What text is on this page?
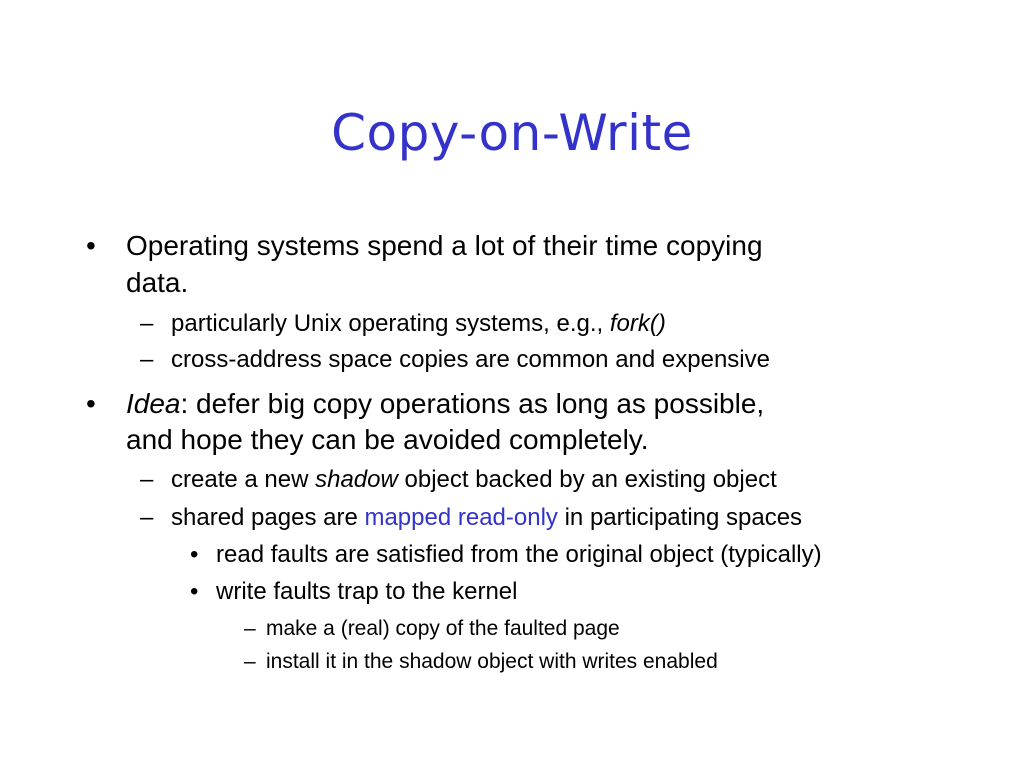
Copy-on-Write
• Operating systems spend a lot of their time copying
data.
– particularly Unix operating systems, e.g., fork()
– cross-address space copies are common and expensive
• Idea: defer big copy operations as long as possible,
and hope they can be avoided completely.
– create a new shadow object backed by an existing object
– shared pages are mapped read-only in participating spaces
• read faults are satisfied from the original object (typically)
• write faults trap to the kernel
– make a (real) copy of the faulted page
– install it in the shadow object with writes enabled
